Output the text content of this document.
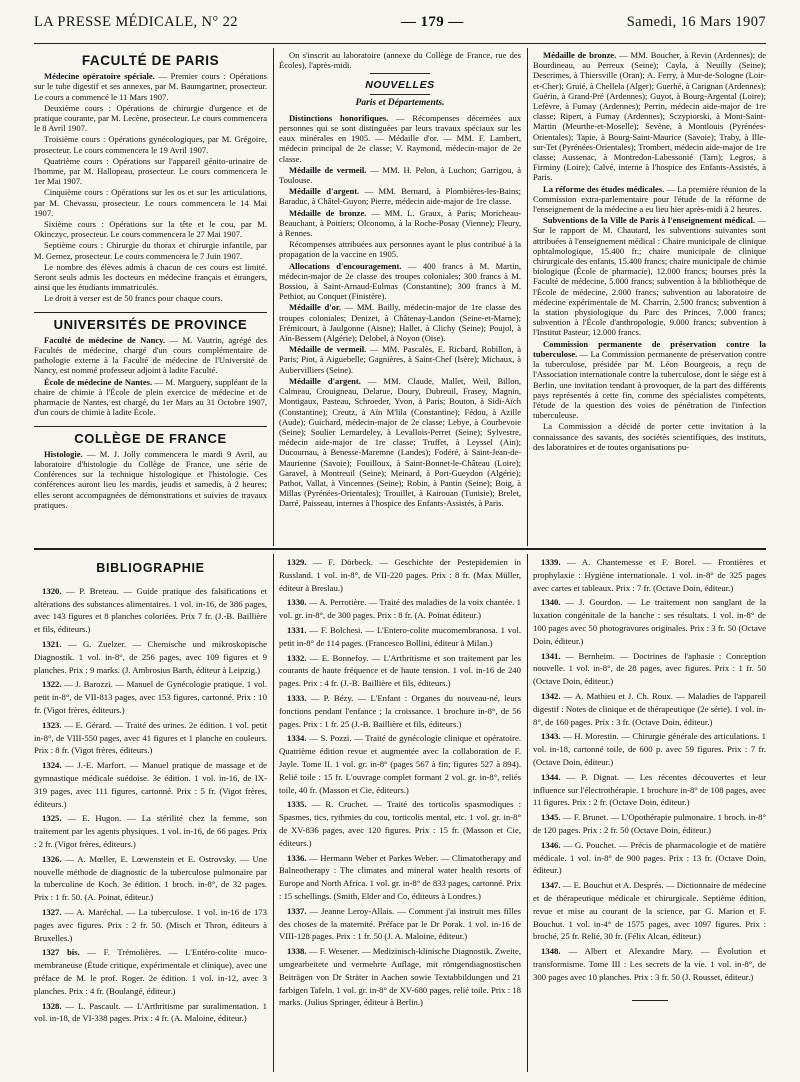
LA PRESSE MÉDICALE, N° 22	— 179 —	Samedi, 16 Mars 1907
FACULTÉ DE PARIS

Médecine opératoire spéciale. — Premier cours : Opérations sur le tube digestif et ses annexes, par M. Baumgartner, prosecteur. Le cours a commencé le 11 Mars 1907.

Deuxième cours : Opérations de chirurgie d'urgence et de pratique courante, par M. Lecène, prosecteur. Le cours commencera le 8 Avril 1907.

Troisième cours : Opérations gynécologiques, par M. Grégoire, prosecteur. Le cours commencera le 19 Avril 1907.

Quatrième cours : Opérations sur l'appareil génito-urinaire de l'homme, par M. Hallopeau, prosecteur. Le cours commencera le 1er Mai 1907.

Cinquième cours : Opérations sur les os et sur les articulations, par M. Chevassu, prosecteur. Le cours commencera le 14 Mai 1907.

Sixième cours : Opérations sur la tête et le cou, par M. Okinczyc, prosecteur. Le cours commencera le 27 Mai 1907.

Septième cours : Chirurgie du thorax et chirurgie infantile, par M. Gernez, prosecteur. Le cours commencera le 7 Juin 1907.

Le nombre des élèves admis à chacun de ces cours est limité. Seront seuls admis les docteurs en médecine français et étrangers, ainsi que les étudiants immatriculés.

Le droit à verser est de 50 francs pour chaque cours.

UNIVERSITÉS DE PROVINCE

Faculté de médecine de Nancy. — M. Vautrin, agrégé des Facultés de médecine, chargé d'un cours complémentaire de pathologie externe à la Faculté de médecine de l'Université de Nancy, est nommé professeur adjoint à ladite Faculté.

École de médecine de Nantes. — M. Marguery, suppléant de la chaire de chimie à l'École de plein exercice de médecine et de pharmacie de Nantes, est chargé, du 1er Mars au 31 Octobre 1907, d'un cours de chimie à ladite École.

COLLÈGE DE FRANCE

Histologie. — M. J. Jolly commencera le mardi 9 Avril, au laboratoire d'histologie du Collège de France, une série de Conférences sur la technique histologique et l'histologie. Ces conférences auront lieu les mardis, jeudis et samedis, à 2 heures; elles seront accompagnées de démonstrations et suivies de travaux pratiques.

On s'inscrit au laboratoire (annexe du Collège de France, rue des Écoles), l'après-midi.

NOUVELLES
Paris et Départements.

Distinctions honorifiques. — Récompenses décernées aux personnes qui se sont distinguées par leurs travaux spéciaux sur les eaux minérales en 1905. — Médaille d'or. — MM. F. Lambert, médecin principal de 2e classe; V. Raymond, médecin-major de 2e classe.

Médaille de vermeil. — MM. H. Pelon, à Luchon; Garrigou, à Toulouse.

Médaille d'argent. — MM. Bernard, à Plombières-les-Bains; Baraduc, à Châtel-Guyon; Pierre, médecin aide-major de 1re classe.

Médaille de bronze. — MM. L. Graux, à Paris; Moricheau-Beauchant, à Poitiers; Olconomo, à la Roche-Posay (Vienne); Fleury, à Rennes.

Récompenses attribuées aux personnes ayant le plus contribué à la propagation de la vaccine en 1905.

Allocations d'encouragement. — 400 francs à M. Martin, médecin-major de 2e classe des troupes coloniales; 300 francs à M. Bossiou, à Saint-Arnaud-Eulmas (Constantine); 300 francs à M. Pethiot, au Conquet (Finistère).

Médaille d'or. — MM. Bailly, médecin-major de 1re classe des troupes coloniales; Denizet, à Châtenay-Landon (Seine-et-Marne); Frémicourt, à Jaulgonne (Aisne); Hallet, à Clichy (Seine); Poujol, à Aïn-Bessem (Algérie); Delobel, à Noyon (Oise).

Médaille de vermeil. — MM. Pascalès, E. Ricbard, Robillon, à Paris; Piot, à Aiguebelle; Gagnières, à Saint-Chef (Isère); Michaux, à Aubervilliers (Seine).

Médaille d'argent. — MM. Claude, Mallet, Weil, Billon, Calmeau, Crouigneau, Delarue, Doury, Dubreuil, Frasey, Magnin, Montigaux, Pasteau, Schroeder, Yvon, à Paris; Bouton, à Sidi-Aïch (Constantine); Creutz, à Aïn M'lila (Constantine); Fédou, à Azille (Aude); Guichard, médecin-major de 2e classe; Lebye, à Courbevoie (Seine); Soulier Lemardeley, à Levallois-Perret (Seine); Sylvestre, médecin aide-major de 1re classe; Truffet, à Leyssel (Ain); Ducournau, à Benesse-Maremne (Landes); Fodéré, à Saint-Jean-de-Maurienne (Savoie); Fouilloux, à Saint-Bonnet-le-Château (Loire); Garavel, à Montreuil (Seine); Meinard, à Port-Gueydon (Algérie); Pathot, Vallat, à Vincennes (Seine); Robin, à Pantin (Seine); Boig, à Millas (Pyrénées-Orientales); Trouillet, à Kairouan (Tunisie); Brelet, Darré, Paisseau, internes à l'hospice des Enfants-Assistés, à Paris.

Médaille de bronze. — MM. Boucher, à Revin (Ardennes); de Bourdineau, au Perreux (Seine); Cayla, à Neuilly (Seine); Descrimes, à Thiersville (Oran); A. Ferry, à Mur-de-Sologne (Loir-et-Cher); Gruié, à Chellela (Alger); Guerhé, à Carignan (Ardennes); Guérin, à Grand-Pré (Ardennes); Guyot, à Bourg-Argental (Loire); Lefèvre, à Fumay (Ardennes); Perrin, médecin aide-major de 1re classe; Ripert, à Fumay (Ardennes); Sczypiorski, à Mont-Saint-Martin (Meurthe-et-Moselle); Sevène, à Montlouis (Pyrénées-Orientales); Tapie, à Bourg-Saint-Maurice (Savoie); Traby, à Ille-sur-Tet (Pyrénées-Orientales); Trombert, médecin aide-major de 1re classe; Aussenac, à Montredon-Labessonié (Tarn); Legros, à Firminy (Loire); Calvé, interne à l'hospice des Enfants-Assistés, à Paris.

La réforme des études médicales. — La première réunion de la Commission extra-parlementaire pour l'étude de la réforme de l'enseignement de la médecine a eu lieu hier après-midi à 2 heures.

Subventions de la Ville de Paris à l'enseignement médical. — Sur le rapport de M. Chautard, les subventions suivantes sont attribuées à l'enseignement médical : Chaire municipale de clinique ophtalmologique, 15.400 fr.; chaire municipale de clinique chirurgicale des enfants, 15.400 francs; chaire municipale de chimie biologique (École de pharmacie), 12.000 francs; bourses près la Faculté de médecine, 5.000 francs; subvention à la bibliothèque de l'École de médecine, 2.000 francs; subvention au laboratoire de médecine expérimentale de M. Charrin, 2.500 francs; subvention à la station physiologique du Parc des Princes, 7.000 francs; subvention à l'École d'anthropologie, 9.000 francs; subvention à l'Institut Pasteur, 12.000 francs.

Commission permanente de préservation contre la tuberculose. — La Commission permanente de préservation contre la tuberculose, présidée par M. Léon Bourgeois, a reçu de l'Association internationale contre la tuberculose, dont le siège est à Berlin, une invitation tendant à provoquer, de la part des différents pays représentés à cette fin, comme des spécialistes compétents, l'étude de la question des voies de pénétration de l'infection tuberculeuse.

La Commission a décidé de porter cette invitation à la connaissance des savants, des sociétés scientifiques, des instituts, des laboratoires et de toutes organisations pu-

BIBLIOGRAPHIE

1320. — P. Breteau. — Guide pratique des falsifications et altérations des substances alimentaires. 1 vol. in-16, de 386 pages, avec 143 figures et 8 planches coloriées. Prix 7 fr. (J.-B. Baillière et fils, éditeurs.)

1321. — G. Zuelzer. — Chemische und mikroskopische Diagnostik. 1 vol. in-8°, de 256 pages, avec 109 figures et 9 planches. Prix : 9 marks. (J. Ambrosius Barth, éditeur à Leipzig.)

1322. — J. Barozzi. — Manuel de Gynécologie pratique. 1 vol. petit in-8°, de VII-813 pages, avec 153 figures, cartonné. Prix : 10 fr. (Vigot frères, éditeurs.)

1323. — E. Gérard. — Traité des urines. 2e édition. 1 vol. petit in-8°, de VIII-550 pages, avec 41 figures et 1 planche en couleurs. Prix : 8 fr. (Vigot frères, éditeurs.)

1324. — J.-E. Marfort. — Manuel pratique de massage et de gymnastique médicale suédoise. 3e édition. 1 vol. in-16, de IX-319 pages, avec 111 figures, cartonné. Prix : 5 fr. (Vigot frères, éditeurs.)

1325. — E. Hugon. — La stérilité chez la femme, son traitement par les agents physiques. 1 vol. in-16, de 66 pages. Prix : 2 fr. (Vigot frères, éditeurs.)

1326. — A. Mœller, E. Lœwenstein et E. Ostrovsky. — Une nouvelle méthode de diagnostic de la tuberculose pulmonaire par la tuberculine de Koch. 3e édition. 1 broch. in-8°, de 32 pages. Prix : 1 fr. 50. (A. Poinat, éditeur.)

1327. — A. Maréchal. — La tuberculose. 1 vol. in-16 de 173 pages avec figures. Prix : 2 fr. 50. (Misch et Thron, éditeurs à Bruxelles.)

1327 bis. — F. Trémolières. — L'Entéro-colite muco-membraneuse (Étude critique, expérimentale et clinique), avec une préface de M. le prof. Roger. 2e édition. 1 vol. in-12, avec 3 planches. Prix : 4 fr. (Boulangé, éditeur.)

1328. — L. Pascault. — L'Arthritisme par suralimentation. 1 vol. in-18, de VI-338 pages. Prix : 4 fr. (A. Maloine, éditeur.)

1329. — F. Dörbeck. — Geschichte der Pestepidemien in Russland. 1 vol. in-8°, de VII-220 pages. Prix : 8 fr. (Max Müller, éditeur à Breslau.)

1330. — A. Perrotière. — Traité des maladies de la voix chantée. 1 vol. gr. in-8°, de 300 pages. Prix : 8 fr. (A. Poinat éditeur.)

1331. — F. Bolchesi. — L'Entero-colite mucomembranosa. 1 vol. petit in-8° de 114 pages. (Francesco Bollini, éditeur à Milan.)

1332. — E. Bonnefoy. — L'Arthritisme et son traitement par les courants de haute fréquence et de haute tension. 1 vol. in-16 de 240 pages. Prix : 4 fr. (J.-B. Baillière et fils, éditeurs.)

1333. — P. Bézy. — L'Enfant : Organes du nouveau-né, leurs fonctions pendant l'enfance ; la croissance. 1 brochure in-8°, de 56 pages. Prix : 1 fr. 25 (J.-B. Baillière et fils, éditeurs.)

1334. — S. Pozzi. — Traité de gynécologie clinique et opératoire. Quatrième édition revue et augmentée avec la collaboration de F. Jayle. Tome II. 1 vol. gr. in-8° (pages 567 à fin; figures 527 à 894). Relié toile : 15 fr. L'ouvrage complet formant 2 vol. gr. in-8°, reliés toile, 40 fr. (Masson et Cie, éditeurs.)

1335. — R. Cruchet. — Traité des torticolis spasmodiques : Spasmes, tics, rythmies du cou, torticolis mental, etc. 1 vol. gr. in-8° de XV-836 pages, avec 120 figures. Prix : 15 fr. (Masson et Cie, éditeurs.)

1336. — Hermann Weber et Parkes Weber. — Climatotherapy and Balneotherapy : The climates and mineral water health resorts of Europe and North Africa. 1 vol. gr. in-8° de 833 pages, cartonné. Prix : 15 schellings. (Smith, Elder and Co, éditeurs à Londres.)

1337. — Jeanne Leroy-Allais. — Comment j'ai instruit mes filles des choses de la maternité. Préface par le Dr Porak. 1 vol. in-16 de VIII-128 pages. Prix : 1 fr. 50 (J. A. Maloine, éditeur.)

1338. — F. Wesener. — Medizinisch-klinische Diagnostik. Zweite, umgearbeitete und vermehrte Auflage, mit röntgendiagnostischen Beiträgen von Dr Sträter in Aachen sowie Textabbildungen und 21 farbigen Tafeln. 1 vol. gr. in-8° de XV-680 pages, relié toile. Prix : 18 marks. (Julius Springer, éditeur à Berlin.)

1339. — A. Chantemesse et F. Borel. — Frontières et prophylaxie : Hygiène internationale. 1 vol. in-8° de 325 pages avec cartes et tableaux. Prix : 7 fr. (Octave Doin, éditeur.)

1340. — J. Gourdon. — Le traitement non sanglant de la luxation congénitale de la hanche : ses résultats. 1 vol. in-8° de 100 pages avec 50 photogravures originales. Prix : 3 fr. 50 (Octave Doin, éditeur.)

1341. — Bernheim. — Doctrines de l'aphasie : Conception nouvelle. 1 vol. in-8°, de 28 pages, avec figures. Prix : 1 fr. 50 (Octave Doin, éditeur.)

1342. — A. Mathieu et J. Ch. Roux. — Maladies de l'appareil digestif : Notes de clinique et de thérapeutique (2e série). 1 vol. in-8°, de 160 pages. Prix : 3 fr. (Octave Doin, éditeur.)

1343. — H. Morestin. — Chirurgie générale des articulations. 1 vol. in-18, cartonné toile, de 600 p. avec 59 figures. Prix : 7 fr. (Octave Doin, éditeur.)

1344. — P. Dignat. — Les récentes découvertes et leur influence sur l'électrothérapie. 1 brochure in-8° de 108 pages, avec 11 figures. Prix : 2 fr. (Octave Doin, éditeur.)

1345. — F. Brunet. — L'Opothérapie pulmonaire. 1 broch. in-8° de 120 pages. Prix : 2 fr. 50 (Octave Doin, éditeur.)

1346. — G. Pouchet. — Précis de pharmacologie et de matière médicale. 1 vol. in-8° de 900 pages. Prix : 13 fr. (Octave Doin, éditeur.)

1347. — E. Bouchut et A. Després. — Dictionnaire de médecine et de thérapeutique médicale et chirurgicale. Septième édition, revue et mise au courant de la science, par G. Marion et F. Bouchut. 1 vol. in-4° de 1575 pages, avec 1097 figures. Prix : broché, 25 fr. Relié, 30 fr. (Félix Alcan, éditeur.)

1348. — Albert et Alexandre Mary. — Évolution et transformisme. Tome III : Les secrets de la vie. 1 vol. in-8°, de 300 pages avec 10 planches. Prix : 3 fr. 50 (J. Rousset, éditeur.)
